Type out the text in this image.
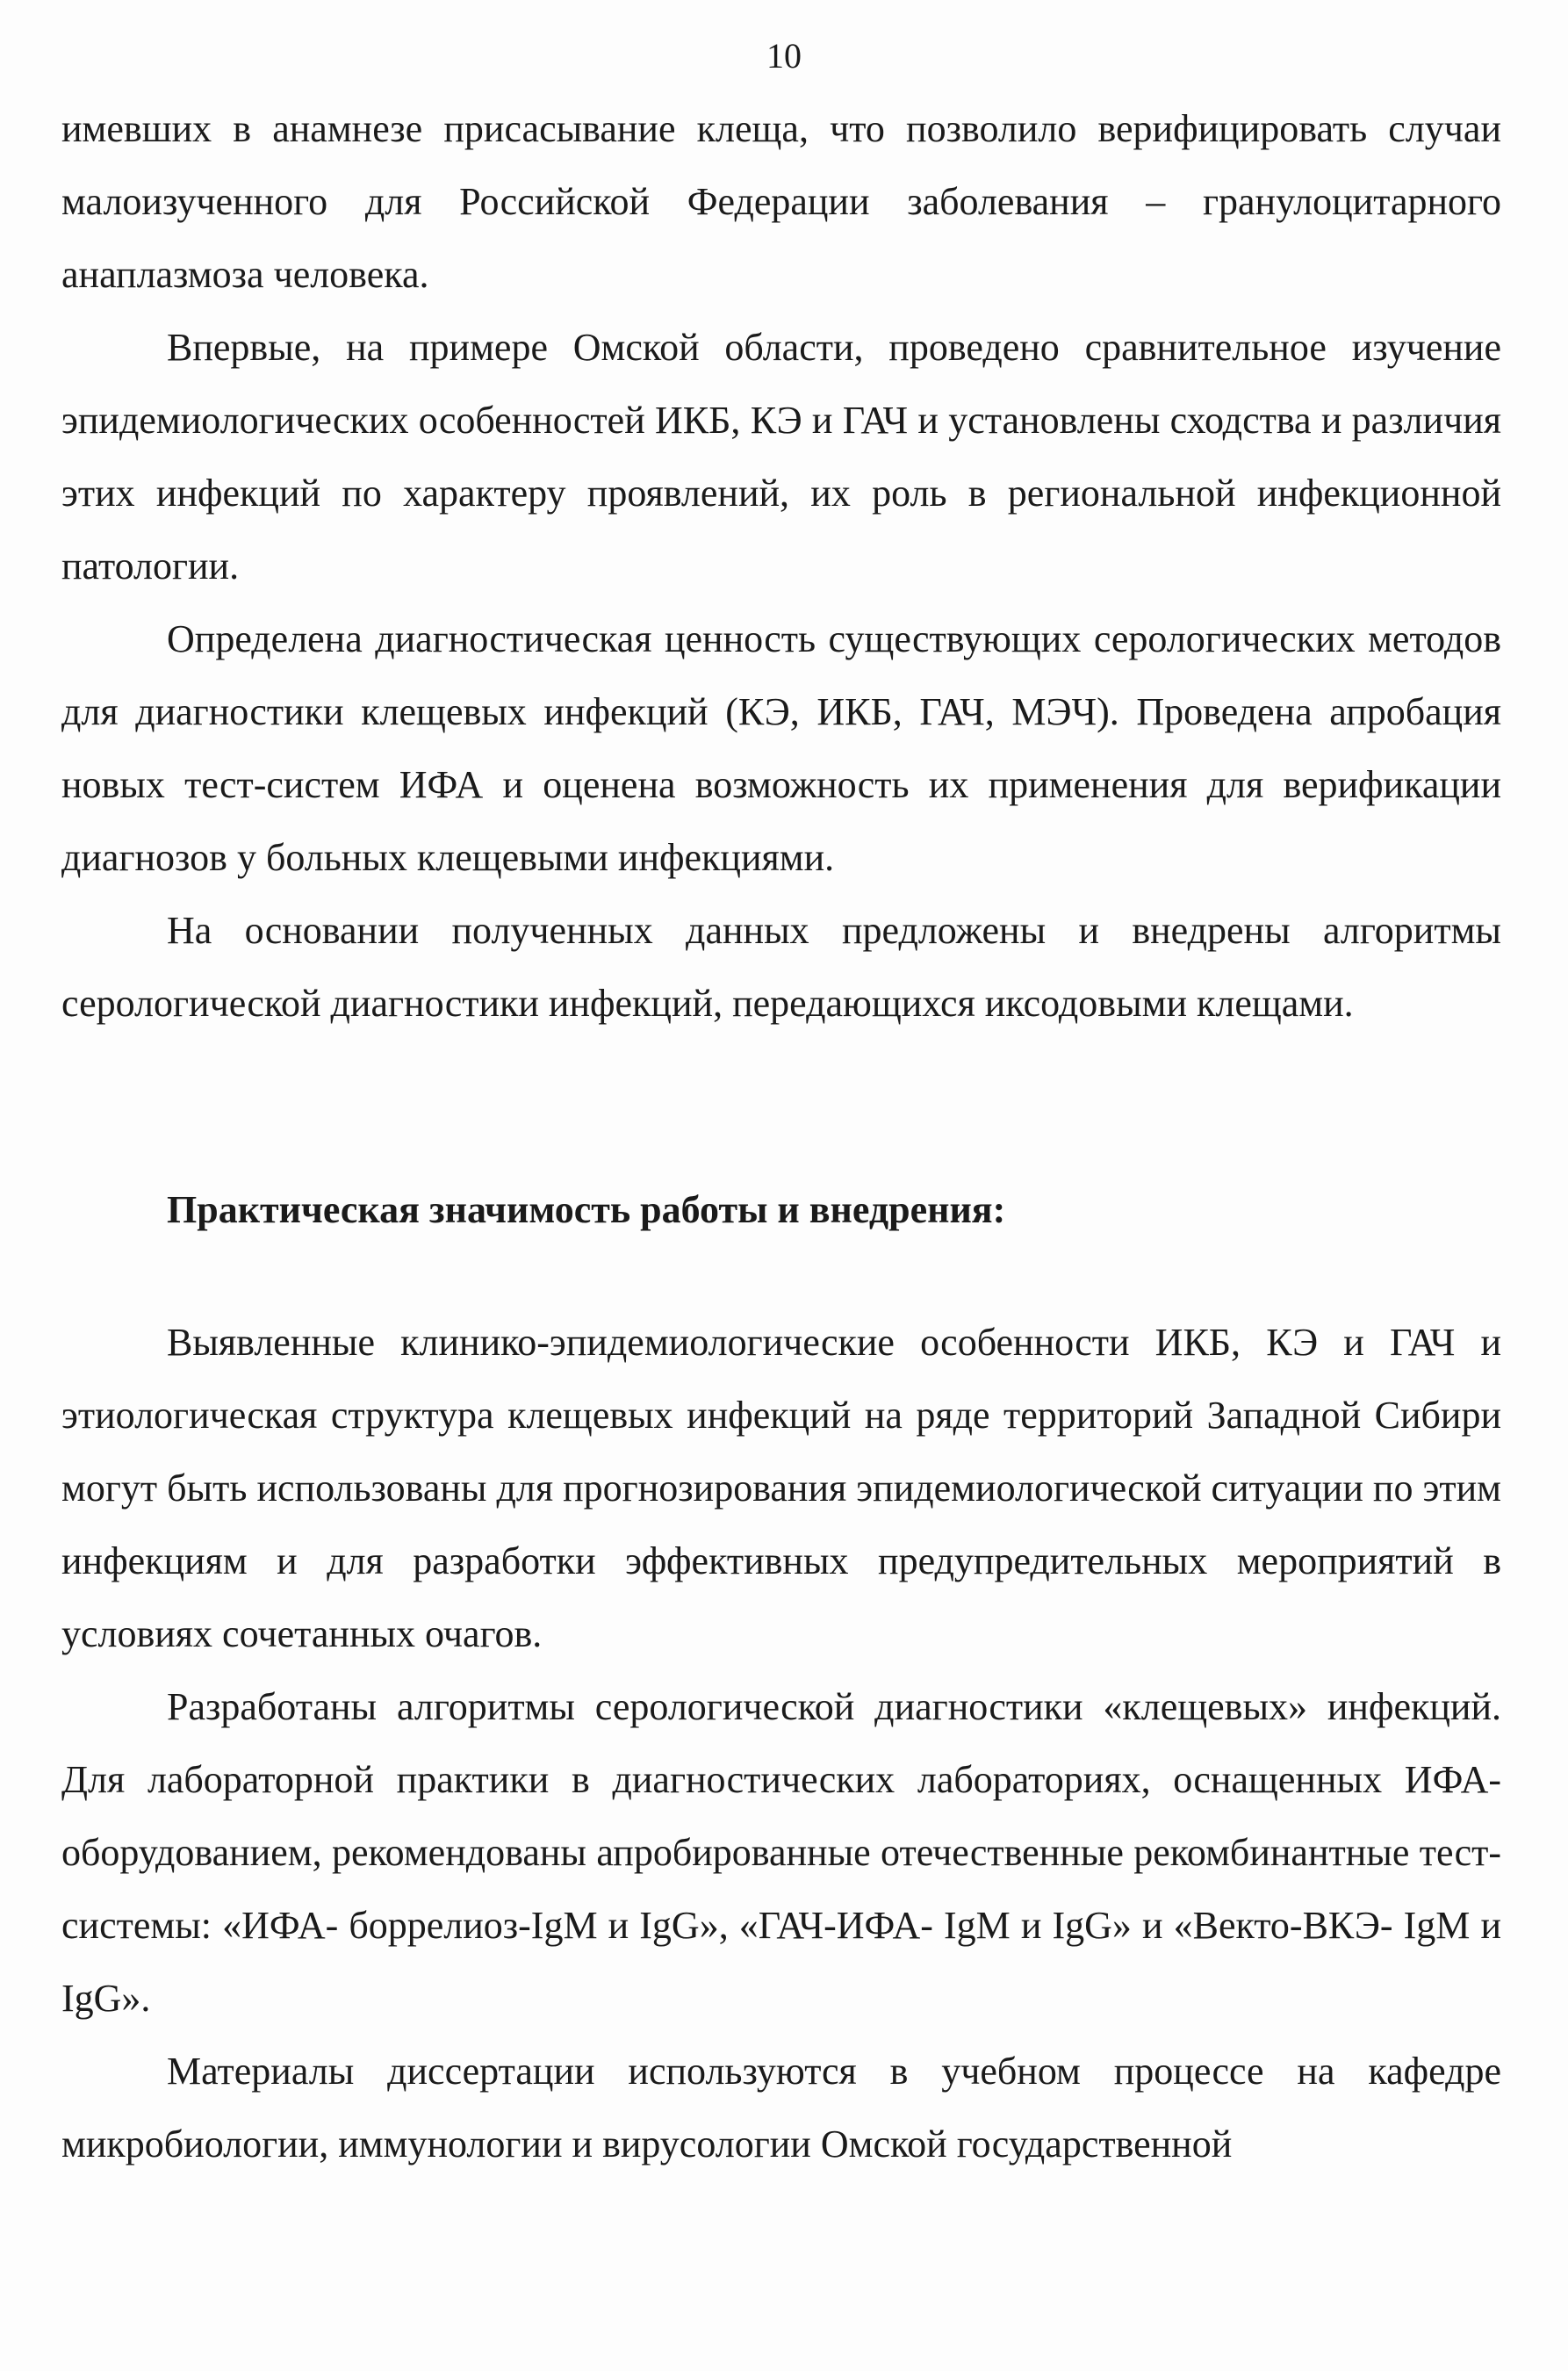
10

имевших в анамнезе присасывание клеща, что позволило верифицировать случаи малоизученного для Российской Федерации заболевания – гранулоцитарного анаплазмоза человека.

Впервые, на примере Омской области, проведено сравнительное изучение эпидемиологических особенностей ИКБ, КЭ и ГАЧ и установлены сходства и различия этих инфекций по характеру проявлений, их роль в региональной инфекционной патологии.

Определена диагностическая ценность существующих серологических методов для диагностики клещевых инфекций (КЭ, ИКБ, ГАЧ, МЭЧ). Проведена апробация новых тест-систем ИФА и оценена возможность их применения для верификации диагнозов у больных клещевыми инфекциями.

На основании полученных данных предложены и внедрены алгоритмы серологической диагностики инфекций, передающихся иксодовыми клещами.

Практическая значимость работы и внедрения:

Выявленные клинико-эпидемиологические особенности ИКБ, КЭ и ГАЧ и этиологическая структура клещевых инфекций на ряде территорий Западной Сибири могут быть использованы для прогнозирования эпидемиологической ситуации по этим инфекциям и для разработки эффективных предупредительных мероприятий в условиях сочетанных очагов.

Разработаны алгоритмы серологической диагностики «клещевых» инфекций. Для лабораторной практики в диагностических лабораториях, оснащенных ИФА-оборудованием, рекомендованы апробированные отечественные рекомбинантные тест-системы: «ИФА- боррелиоз-IgM и IgG», «ГАЧ-ИФА- IgM и IgG» и «Векто-ВКЭ- IgM и IgG».

Материалы диссертации используются в учебном процессе на кафедре микробиологии, иммунологии и вирусологии Омской государственной
